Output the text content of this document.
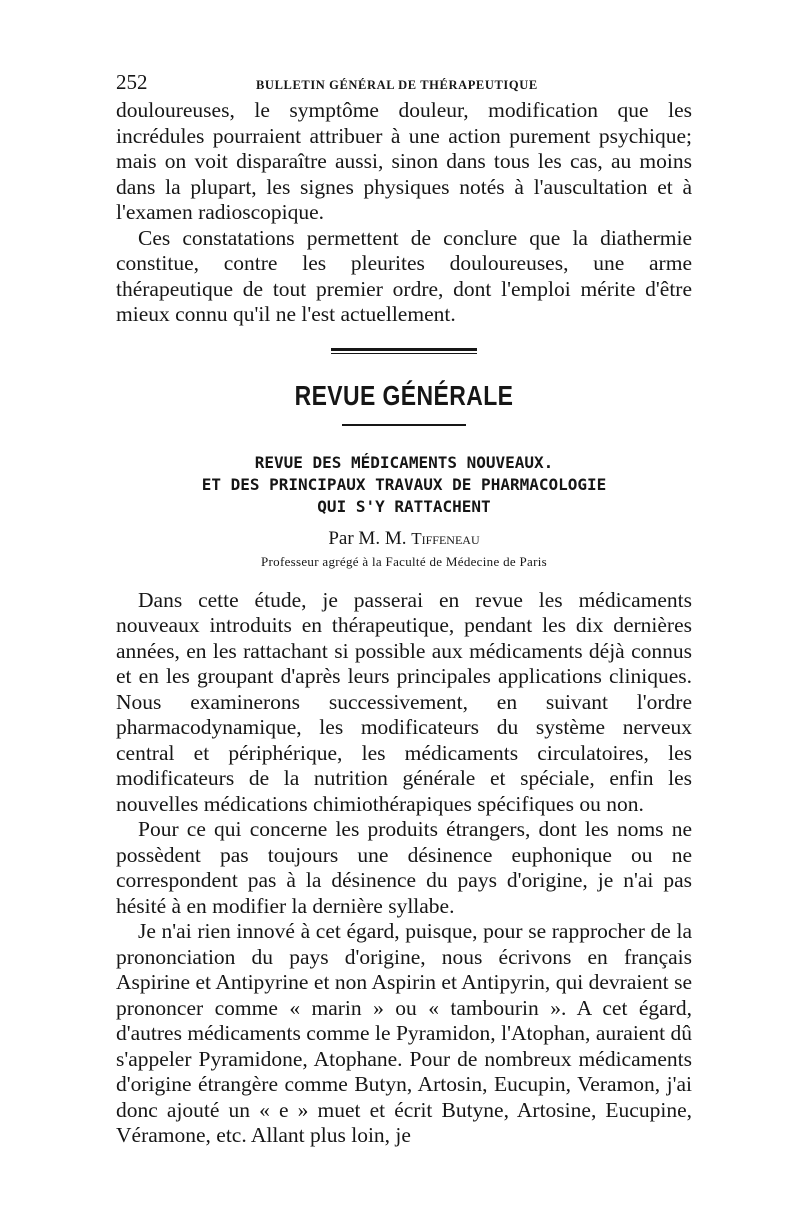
252	BULLETIN GÉNÉRAL DE THÉRAPEUTIQUE

douloureuses, le symptôme douleur, modification que les incrédules pourraient attribuer à une action purement psychique; mais on voit disparaître aussi, sinon dans tous les cas, au moins dans la plupart, les signes physiques notés à l'auscultation et à l'examen radioscopique.

Ces constatations permettent de conclure que la diathermie constitue, contre les pleurites douloureuses, une arme thérapeutique de tout premier ordre, dont l'emploi mérite d'être mieux connu qu'il ne l'est actuellement.

REVUE GÉNÉRALE
REVUE DES MÉDICAMENTS NOUVEAUX.
ET DES PRINCIPAUX TRAVAUX DE PHARMACOLOGIE
QUI S'Y RATTACHENT
Par M. M. Tiffeneau
Professeur agrégé à la Faculté de Médecine de Paris

Dans cette étude, je passerai en revue les médicaments nouveaux introduits en thérapeutique, pendant les dix dernières années, en les rattachant si possible aux médicaments déjà connus et en les groupant d'après leurs principales applications cliniques. Nous examinerons successivement, en suivant l'ordre pharmacodynamique, les modificateurs du système nerveux central et périphérique, les médicaments circulatoires, les modificateurs de la nutrition générale et spéciale, enfin les nouvelles médications chimiothérapiques spécifiques ou non.

Pour ce qui concerne les produits étrangers, dont les noms ne possèdent pas toujours une désinence euphonique ou ne correspondent pas à la désinence du pays d'origine, je n'ai pas hésité à en modifier la dernière syllabe.

Je n'ai rien innové à cet égard, puisque, pour se rapprocher de la prononciation du pays d'origine, nous écrivons en français Aspirine et Antipyrine et non Aspirin et Antipyrin, qui devraient se prononcer comme « marin » ou « tambourin ». A cet égard, d'autres médicaments comme le Pyramidon, l'Atophan, auraient dû s'appeler Pyramidone, Atophane. Pour de nombreux médicaments d'origine étrangère comme Butyn, Artosin, Eucupin, Veramon, j'ai donc ajouté un « e » muet et écrit Butyne, Artosine, Eucupine, Véramone, etc. Allant plus loin, je
